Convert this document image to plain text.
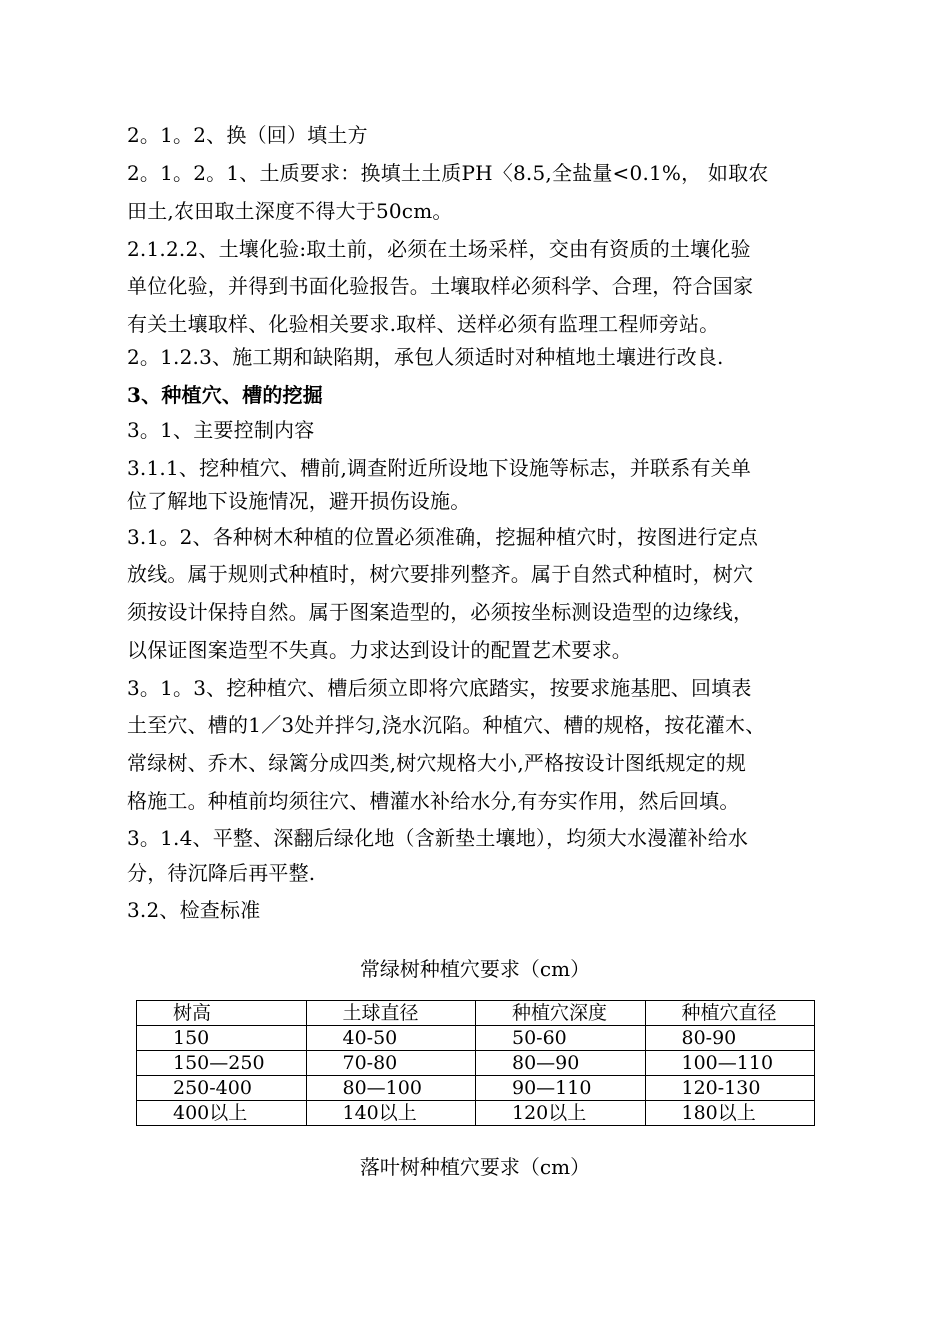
2。1。2、换（回）填土方
2。1。2。1、土质要求：换填土土质PH〈8.5,全盐量<0.1%， 如取农
田土,农田取土深度不得大于50cm。
2.1.2.2、土壤化验:取土前，必须在土场采样，交由有资质的土壤化验
单位化验，并得到书面化验报告。土壤取样必须科学、合理，符合国家
有关土壤取样、化验相关要求.取样、送样必须有监理工程师旁站。
2。1.2.3、施工期和缺陷期，承包人须适时对种植地土壤进行改良.
3、种植穴、槽的挖掘
3。1、主要控制内容
3.1.1、挖种植穴、槽前,调查附近所设地下设施等标志，并联系有关单
位了解地下设施情况，避开损伤设施。
3.1。2、各种树木种植的位置必须准确，挖掘种植穴时，按图进行定点
放线。属于规则式种植时，树穴要排列整齐。属于自然式种植时，树穴
须按设计保持自然。属于图案造型的，必须按坐标测设造型的边缘线，
以保证图案造型不失真。力求达到设计的配置艺术要求。
3。1。3、挖种植穴、槽后须立即将穴底踏实，按要求施基肥、回填表
土至穴、槽的1／3处并拌匀,浇水沉陷。种植穴、槽的规格，按花灌木、
常绿树、乔木、绿篱分成四类,树穴规格大小,严格按设计图纸规定的规
格施工。种植前均须往穴、槽灌水补给水分,有夯实作用，然后回填。
3。1.4、平整、深翻后绿化地（含新垫土壤地），均须大水漫灌补给水
分，待沉降后再平整.
3.2、检查标准
常绿树种植穴要求（cm）
树高	土球直径	种植穴深度	种植穴直径
150	40-50	50-60	80-90
150—250	70-80	80—90	100—110
250-400	80—100	90—110	120-130
400以上	140以上	120以上	180以上
落叶树种植穴要求（cm）
